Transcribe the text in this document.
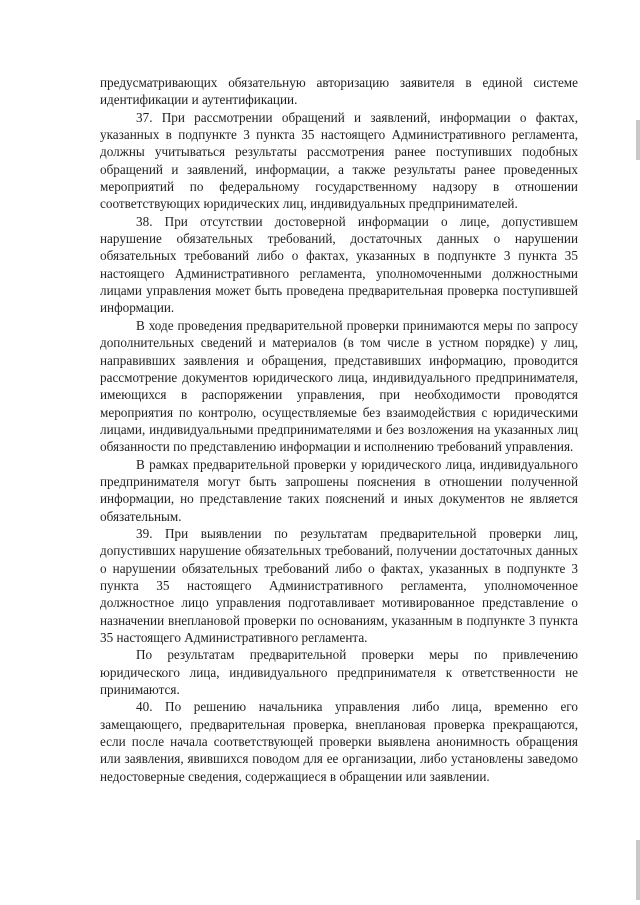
предусматривающих обязательную авторизацию заявителя в единой системе идентификации и аутентификации.

37. При рассмотрении обращений и заявлений, информации о фактах, указанных в подпункте 3 пункта 35 настоящего Административного регламента, должны учитываться результаты рассмотрения ранее поступивших подобных обращений и заявлений, информации, а также результаты ранее проведенных мероприятий по федеральному государственному надзору в отношении соответствующих юридических лиц, индивидуальных предпринимателей.

38. При отсутствии достоверной информации о лице, допустившем нарушение обязательных требований, достаточных данных о нарушении обязательных требований либо о фактах, указанных в подпункте 3 пункта 35 настоящего Административного регламента, уполномоченными должностными лицами управления может быть проведена предварительная проверка поступившей информации.

В ходе проведения предварительной проверки принимаются меры по запросу дополнительных сведений и материалов (в том числе в устном порядке) у лиц, направивших заявления и обращения, представивших информацию, проводится рассмотрение документов юридического лица, индивидуального предпринимателя, имеющихся в распоряжении управления, при необходимости проводятся мероприятия по контролю, осуществляемые без взаимодействия с юридическими лицами, индивидуальными предпринимателями и без возложения на указанных лиц обязанности по представлению информации и исполнению требований управления.

В рамках предварительной проверки у юридического лица, индивидуального предпринимателя могут быть запрошены пояснения в отношении полученной информации, но представление таких пояснений и иных документов не является обязательным.

39. При выявлении по результатам предварительной проверки лиц, допустивших нарушение обязательных требований, получении достаточных данных о нарушении обязательных требований либо о фактах, указанных в подпункте 3 пункта 35 настоящего Административного регламента, уполномоченное должностное лицо управления подготавливает мотивированное представление о назначении внеплановой проверки по основаниям, указанным в подпункте 3 пункта 35 настоящего Административного регламента.

По результатам предварительной проверки меры по привлечению юридического лица, индивидуального предпринимателя к ответственности не принимаются.

40. По решению начальника управления либо лица, временно его замещающего, предварительная проверка, внеплановая проверка прекращаются, если после начала соответствующей проверки выявлена анонимность обращения или заявления, явившихся поводом для ее организации, либо установлены заведомо недостоверные сведения, содержащиеся в обращении или заявлении.
